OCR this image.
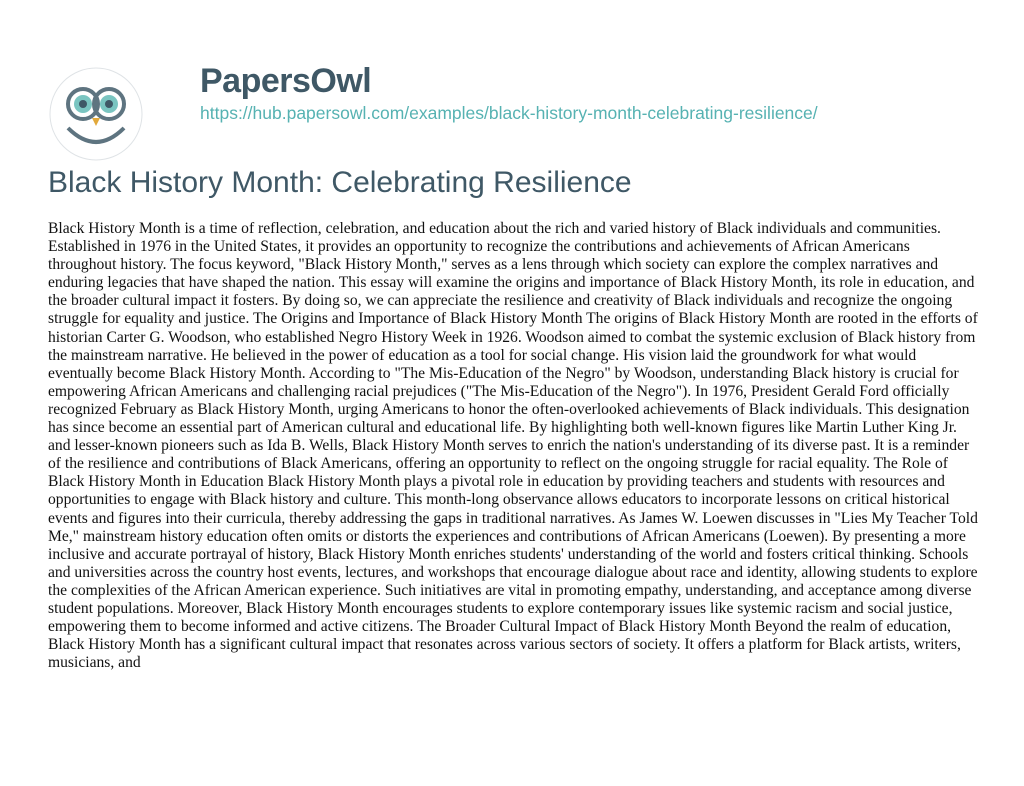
PapersOwl
https://hub.papersowl.com/examples/black-history-month-celebrating-resilience/
Black History Month: Celebrating Resilience

Black History Month is a time of reflection, celebration, and education about the rich and varied history of Black individuals and communities. Established in 1976 in the United States, it provides an opportunity to recognize the contributions and achievements of African Americans throughout history. The focus keyword, "Black History Month," serves as a lens through which society can explore the complex narratives and enduring legacies that have shaped the nation. This essay will examine the origins and importance of Black History Month, its role in education, and the broader cultural impact it fosters. By doing so, we can appreciate the resilience and creativity of Black individuals and recognize the ongoing struggle for equality and justice. The Origins and Importance of Black History Month The origins of Black History Month are rooted in the efforts of historian Carter G. Woodson, who established Negro History Week in 1926. Woodson aimed to combat the systemic exclusion of Black history from the mainstream narrative. He believed in the power of education as a tool for social change. His vision laid the groundwork for what would eventually become Black History Month. According to "The Mis-Education of the Negro" by Woodson, understanding Black history is crucial for empowering African Americans and challenging racial prejudices ("The Mis-Education of the Negro"). In 1976, President Gerald Ford officially recognized February as Black History Month, urging Americans to honor the often-overlooked achievements of Black individuals. This designation has since become an essential part of American cultural and educational life. By highlighting both well-known figures like Martin Luther King Jr. and lesser-known pioneers such as Ida B. Wells, Black History Month serves to enrich the nation's understanding of its diverse past. It is a reminder of the resilience and contributions of Black Americans, offering an opportunity to reflect on the ongoing struggle for racial equality. The Role of Black History Month in Education Black History Month plays a pivotal role in education by providing teachers and students with resources and opportunities to engage with Black history and culture. This month-long observance allows educators to incorporate lessons on critical historical events and figures into their curricula, thereby addressing the gaps in traditional narratives. As James W. Loewen discusses in "Lies My Teacher Told Me," mainstream history education often omits or distorts the experiences and contributions of African Americans (Loewen). By presenting a more inclusive and accurate portrayal of history, Black History Month enriches students' understanding of the world and fosters critical thinking. Schools and universities across the country host events, lectures, and workshops that encourage dialogue about race and identity, allowing students to explore the complexities of the African American experience. Such initiatives are vital in promoting empathy, understanding, and acceptance among diverse student populations. Moreover, Black History Month encourages students to explore contemporary issues like systemic racism and social justice, empowering them to become informed and active citizens. The Broader Cultural Impact of Black History Month Beyond the realm of education, Black History Month has a significant cultural impact that resonates across various sectors of society. It offers a platform for Black artists, writers, musicians, and
